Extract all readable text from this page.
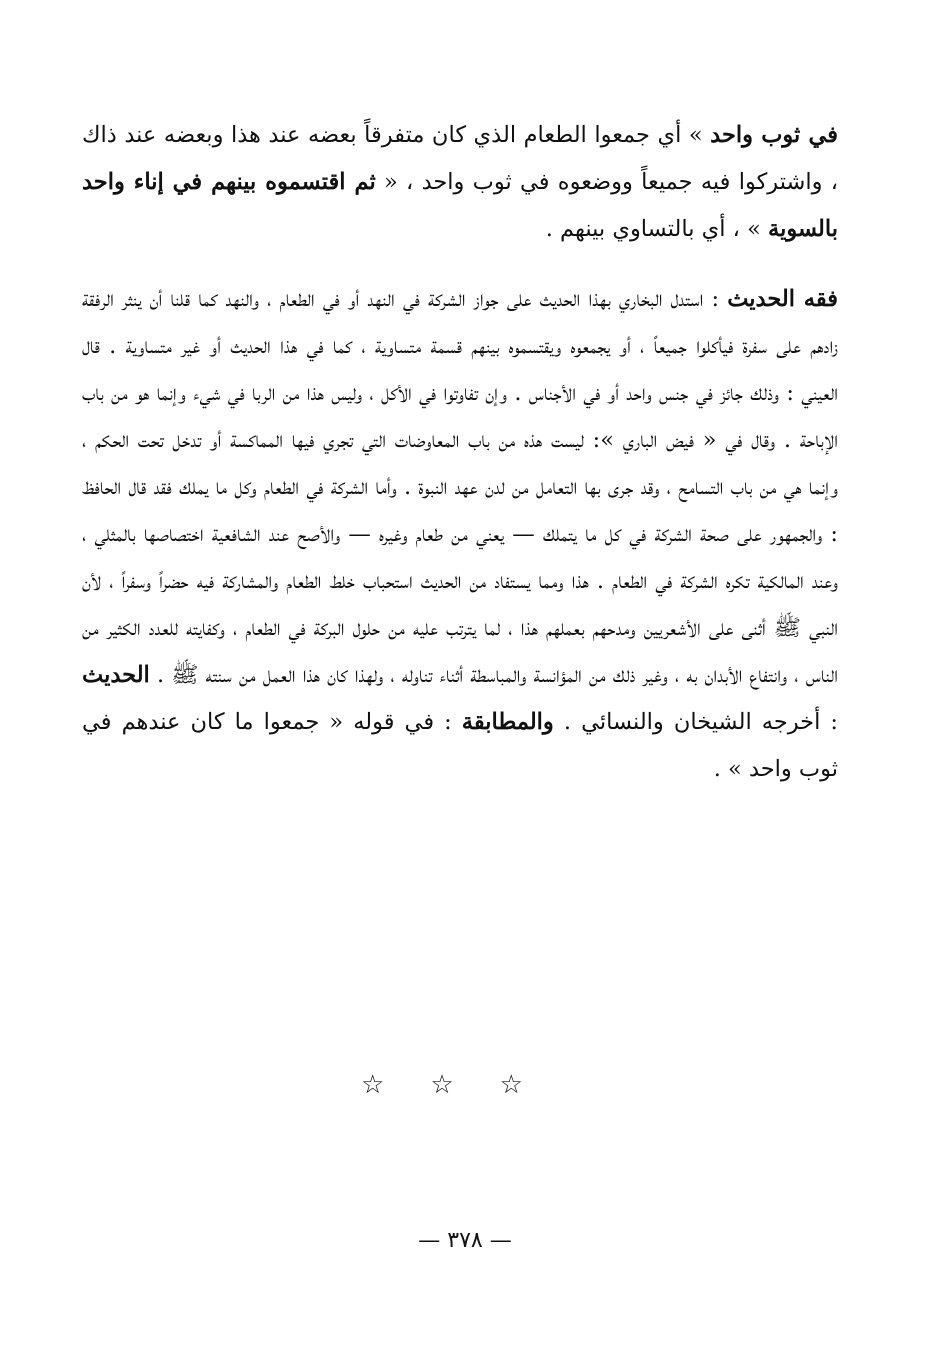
في ثوب واحد » أي جمعوا الطعام الذي كان متفرقاً بعضه عند هذا وبعضه عند ذاك ، واشتركوا فيه جميعاً ووضعوه في ثوب واحد ، « ثم اقتسموه بينهم في إناء واحد بالسوية » ، أي بالتساوي بينهم .

فقه الحديث : استدل البخاري بهذا الحديث على جواز الشركة في النهد أو في الطعام ، والنهد كما قلنا أن ينثر الرفقة زادهم على سفرة فيأكلوا جميعاً ، أو يجمعوه ويقتسموه بينهم قسمة متساوية ، كما في هذا الحديث أو غير متساوية . قال العيني : وذلك جائز في جنس واحد أو في الأجناس . وإن تفاوتوا في الأكل ، وليس هذا من الربا في شيء وإنما هو من باب الإباحة . وقال في « فيض الباري »: ليست هذه من باب المعاوضات التي تجري فيها المماكسة أو تدخل تحت الحكم ، وإنما هي من باب التسامح ، وقد جرى بها التعامل من لدن عهد النبوة . وأما الشركة في الطعام وكل ما يملك فقد قال الحافظ : والجمهور على صحة الشركة في كل ما يتملك — يعني من طعام وغيره — والأصح عند الشافعية اختصاصها بالمثلي ، وعند المالكية تكره الشركة في الطعام . هذا ومما يستفاد من الحديث استحباب خلط الطعام والمشاركة فيه حضراً وسفراً ، لأن النبي ﷺ أثنى على الأشعريين ومدحهم بعملهم هذا ، لما يترتب عليه من حلول البركة في الطعام ، وكفايته للعدد الكثير من الناس ، وانتفاع الأبدان به ، وغير ذلك من المؤانسة والمباسطة أثناء تناوله ، ولهذا كان هذا العمل من سنته ﷺ . الحديث : أخرجه الشيخان والنسائي . والمطابقة : في قوله « جمعوا ما كان عندهم في ثوب واحد » .

☆☆☆
— ٣٧٨ —
